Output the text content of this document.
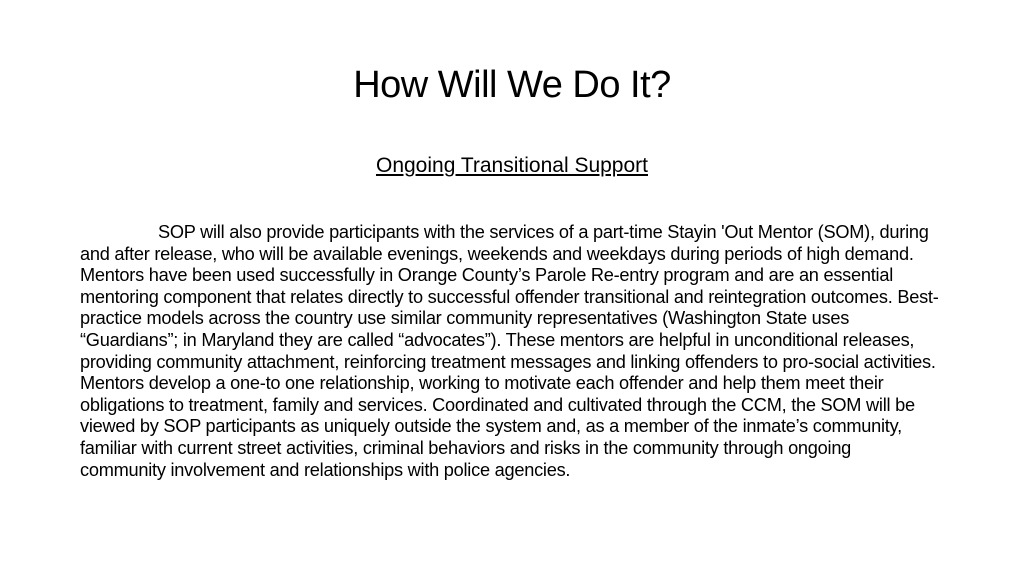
How Will We Do It?
Ongoing Transitional Support

SOP will also provide participants with the services of a part-time Stayin 'Out Mentor (SOM), during and after release, who will be available evenings, weekends and weekdays during periods of high demand. Mentors have been used successfully in Orange County’s Parole Re-entry program and are an essential mentoring component that relates directly to successful offender transitional and reintegration outcomes. Best-practice models across the country use similar community representatives (Washington State uses “Guardians”; in Maryland they are called “advocates”). These mentors are helpful in unconditional releases, providing community attachment, reinforcing treatment messages and linking offenders to pro-social activities. Mentors develop a one-to one relationship, working to motivate each offender and help them meet their obligations to treatment, family and services. Coordinated and cultivated through the CCM, the SOM will be viewed by SOP participants as uniquely outside the system and, as a member of the inmate’s community, familiar with current street activities, criminal behaviors and risks in the community through ongoing community involvement and relationships with police agencies.
